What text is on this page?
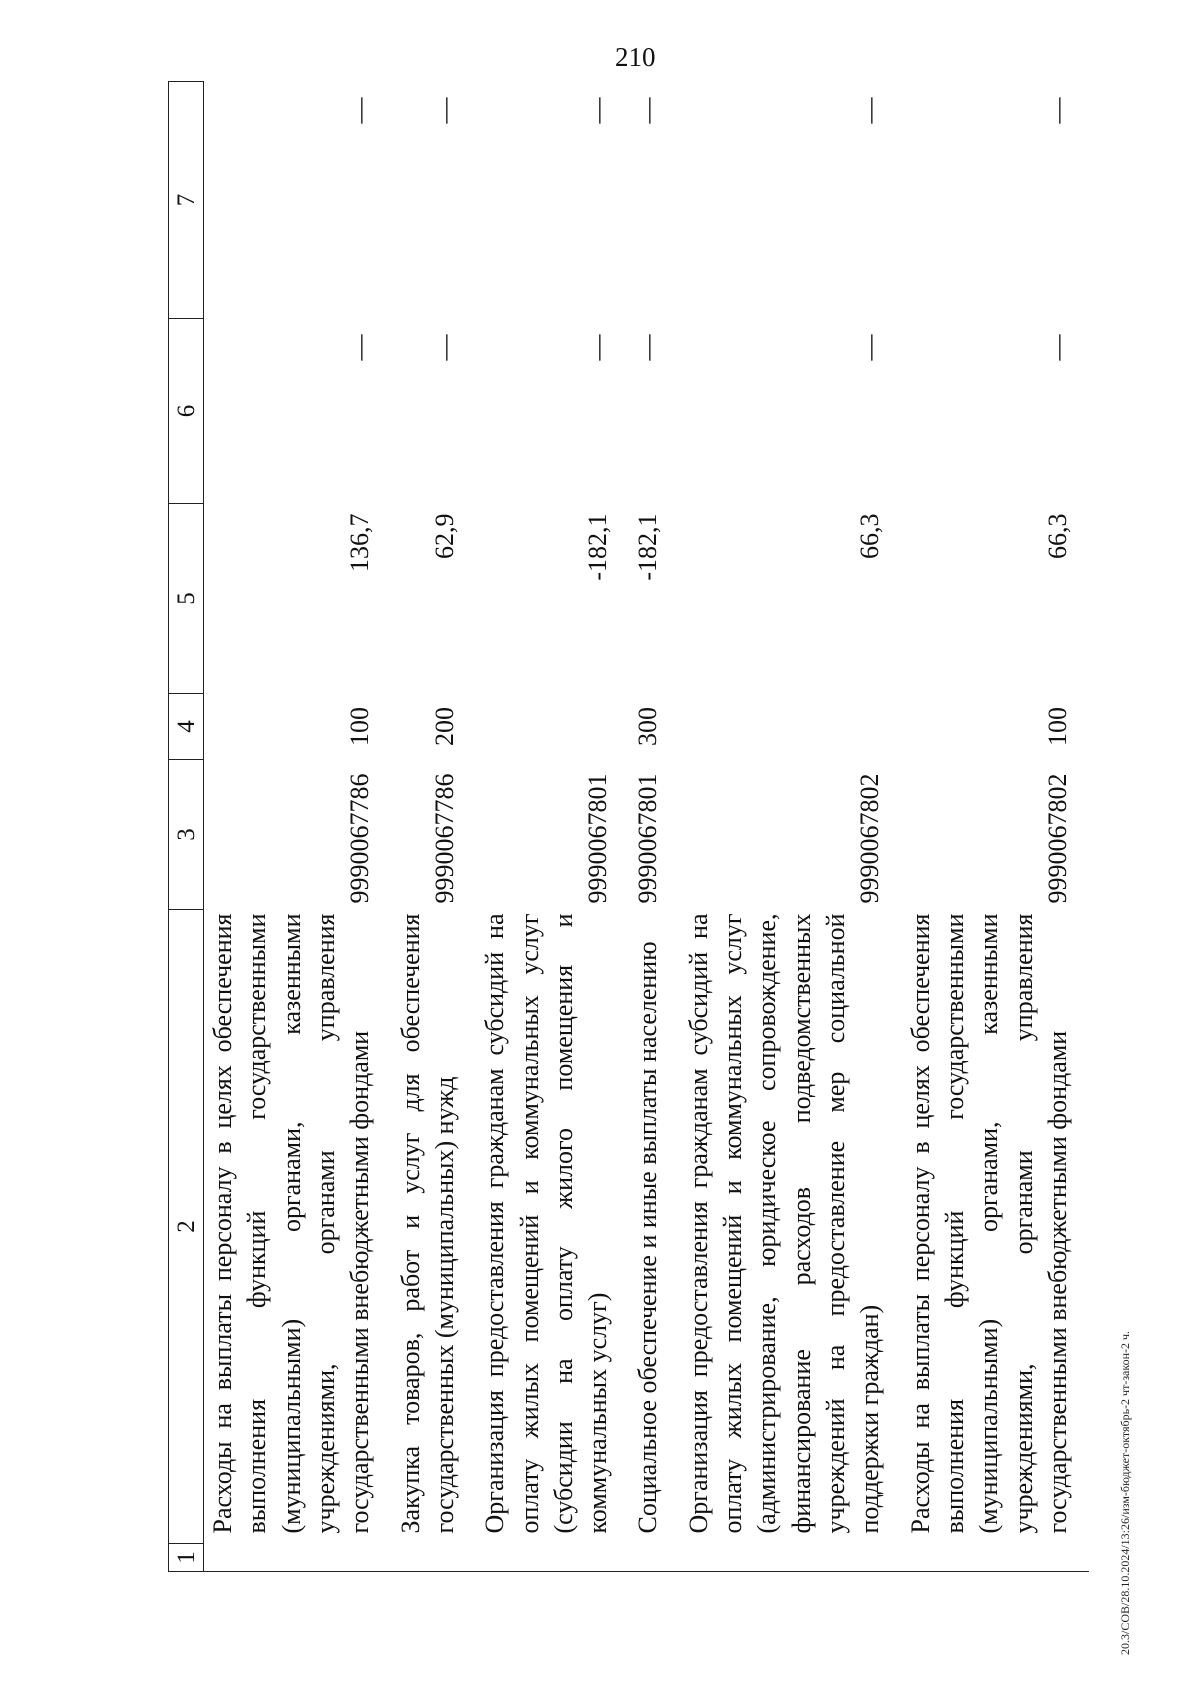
210
20.3/СОВ/28.10.2024/13:26/изм-бюджет-октябрь-2 чт-закон-2 ч.
1	2	3	4	5	6	7
	Расходы на выплаты персоналу в целях обеспечения выполнения функций государственными (муниципальными) органами, казенными учреждениями, органами управления государственными внебюджетными фондами	9990067786	100	136,7	—	—
	Закупка товаров, работ и услуг для обеспечения государственных (муниципальных) нужд	9990067786	200	62,9	—	—
	Организация предоставления гражданам субсидий на оплату жилых помещений и коммунальных услуг (субсидии на оплату жилого помещения и коммунальных услуг)	9990067801		-182,1	—	—
	Социальное обеспечение и иные выплаты населению	9990067801	300	-182,1	—	—
	Организация предоставления гражданам субсидий на оплату жилых помещений и коммунальных услуг (администрирование, юридическое сопровождение, финансирование расходов подведомственных учреждений на предоставление мер социальной поддержки граждан)	9990067802		66,3	—	—
	Расходы на выплаты персоналу в целях обеспечения выполнения функций государственными (муниципальными) органами, казенными учреждениями, органами управления государственными внебюджетными фондами	9990067802	100	66,3	—	—
